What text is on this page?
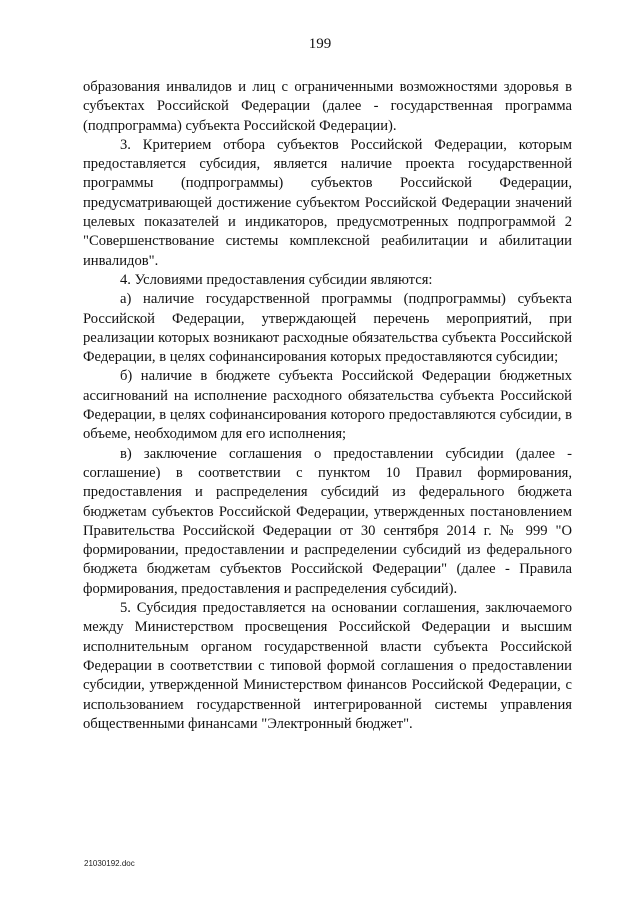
199

образования инвалидов и лиц с ограниченными возможностями здоровья в субъектах Российской Федерации (далее - государственная программа (подпрограмма) субъекта Российской Федерации).

3. Критерием отбора субъектов Российской Федерации, которым предоставляется субсидия, является наличие проекта государственной программы (подпрограммы) субъектов Российской Федерации, предусматривающей достижение субъектом Российской Федерации значений целевых показателей и индикаторов, предусмотренных подпрограммой 2 "Совершенствование системы комплексной реабилитации и абилитации инвалидов".

4. Условиями предоставления субсидии являются:

а) наличие государственной программы (подпрограммы) субъекта Российской Федерации, утверждающей перечень мероприятий, при реализации которых возникают расходные обязательства субъекта Российской Федерации, в целях софинансирования которых предоставляются субсидии;

б) наличие в бюджете субъекта Российской Федерации бюджетных ассигнований на исполнение расходного обязательства субъекта Российской Федерации, в целях софинансирования которого предоставляются субсидии, в объеме, необходимом для его исполнения;

в) заключение соглашения о предоставлении субсидии (далее - соглашение) в соответствии с пунктом 10 Правил формирования, предоставления и распределения субсидий из федерального бюджета бюджетам субъектов Российской Федерации, утвержденных постановлением Правительства Российской Федерации от 30 сентября 2014 г. № 999 "О формировании, предоставлении и распределении субсидий из федерального бюджета бюджетам субъектов Российской Федерации" (далее - Правила формирования, предоставления и распределения субсидий).

5. Субсидия предоставляется на основании соглашения, заключаемого между Министерством просвещения Российской Федерации и высшим исполнительным органом государственной власти субъекта Российской Федерации в соответствии с типовой формой соглашения о предоставлении субсидии, утвержденной Министерством финансов Российской Федерации, с использованием государственной интегрированной системы управления общественными финансами "Электронный бюджет".

21030192.doc
